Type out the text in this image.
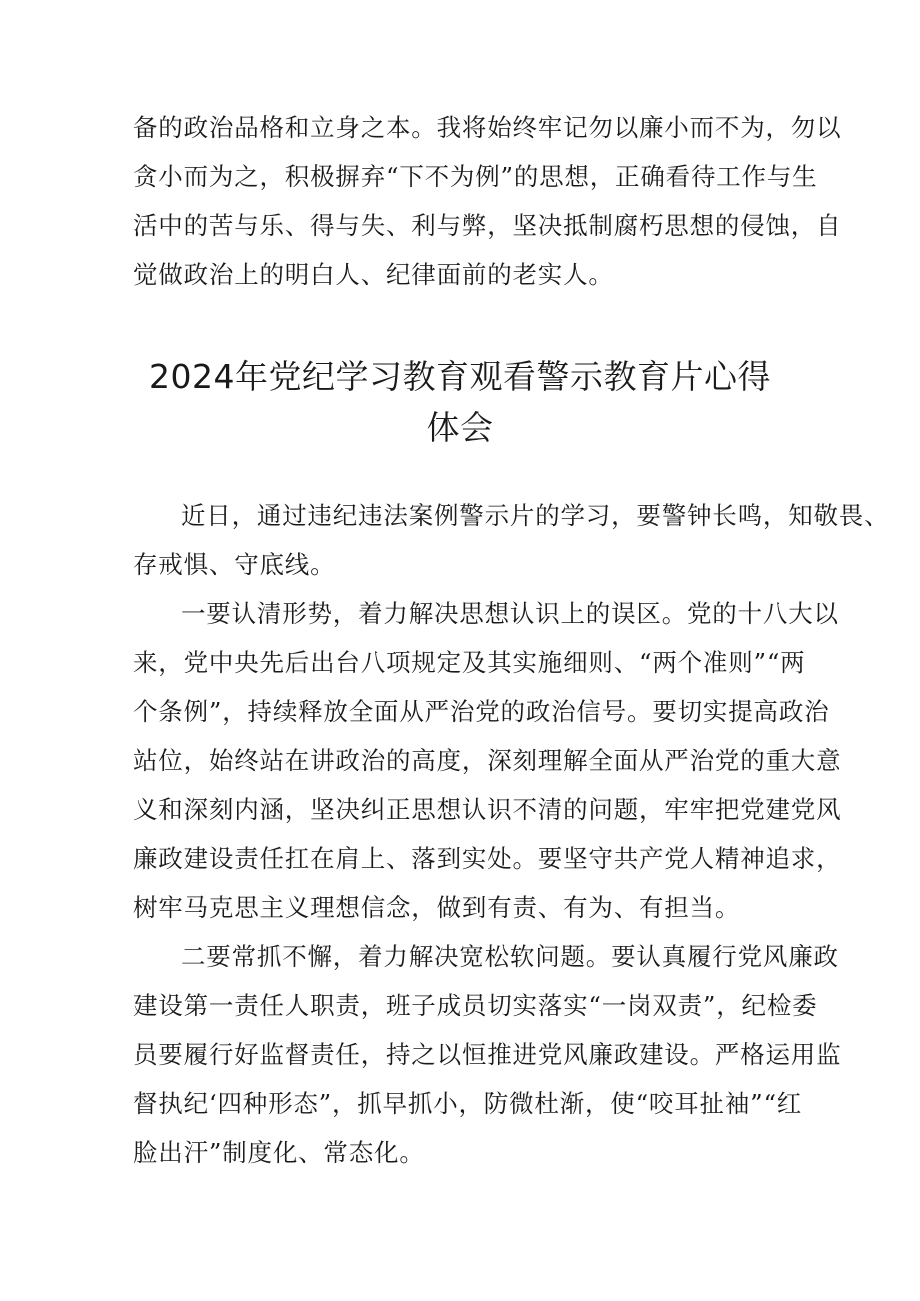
备的政治品格和立身之本。我将始终牢记勿以廉小而不为，勿以
贪小而为之，积极摒弃“下不为例”的思想，正确看待工作与生
活中的苦与乐、得与失、利与弊，坚决抵制腐朽思想的侵蚀，自
觉做政治上的明白人、纪律面前的老实人。
2024年党纪学习教育观看警示教育片心得
体会
近日，通过违纪违法案例警示片的学习，要警钟长鸣，知敬畏、
存戒惧、守底线。
一要认清形势，着力解决思想认识上的误区。党的十八大以
来，党中央先后出台八项规定及其实施细则、“两个准则”“两
个条例”，持续释放全面从严治党的政治信号。要切实提高政治
站位，始终站在讲政治的高度，深刻理解全面从严治党的重大意
义和深刻内涵，坚决纠正思想认识不清的问题，牢牢把党建党风
廉政建设责任扛在肩上、落到实处。要坚守共产党人精神追求，
树牢马克思主义理想信念，做到有责、有为、有担当。
二要常抓不懈，着力解决宽松软问题。要认真履行党风廉政
建设第一责任人职责，班子成员切实落实“一岗双责”，纪检委
员要履行好监督责任，持之以恒推进党风廉政建设。严格运用监
督执纪‘四种形态”，抓早抓小，防微杜渐，使“咬耳扯袖”“红
脸出汗”制度化、常态化。
